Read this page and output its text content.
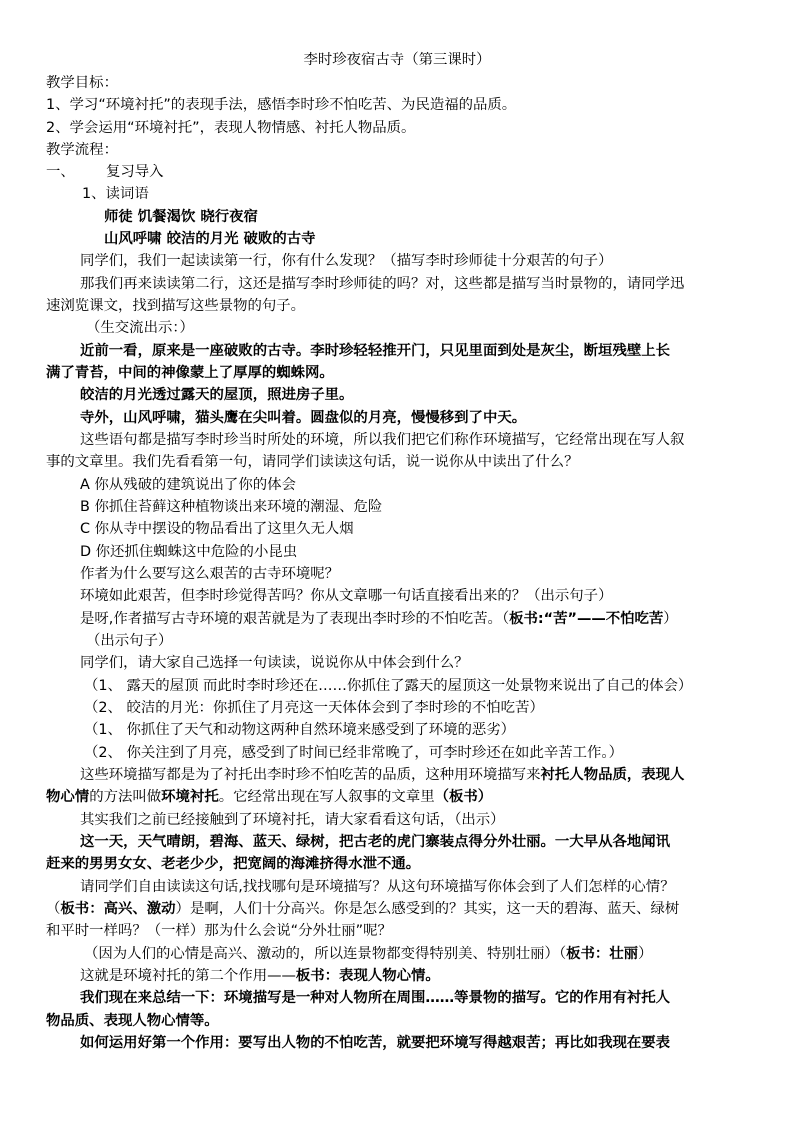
李时珍夜宿古寺（第三课时）
教学目标：
1、学习“环境衬托”的表现手法，感悟李时珍不怕吃苦、为民造福的品质。
2、学会运用“环境衬托”，表现人物情感、衬托人物品质。
教学流程：
一、 复习导入
1、读词语
师徒 饥餐渴饮 晓行夜宿
山风呼啸 皎洁的月光 破败的古寺
同学们，我们一起读读第一行，你有什么发现？（描写李时珍师徒十分艰苦的句子）
那我们再来读读第二行，这还是描写李时珍师徒的吗？对，这些都是描写当时景物的，请同学迅
速浏览课文，找到描写这些景物的句子。
（生交流出示：）
近前一看，原来是一座破败的古寺。李时珍轻轻推开门，只见里面到处是灰尘，断垣残壁上长
满了青苔，中间的神像蒙上了厚厚的蜘蛛网。
皎洁的月光透过露天的屋顶，照进房子里。
寺外，山风呼啸，猫头鹰在尖叫着。圆盘似的月亮，慢慢移到了中天。
这些语句都是描写李时珍当时所处的环境，所以我们把它们称作环境描写，它经常出现在写人叙
事的文章里。我们先看看第一句，请同学们读读这句话，说一说你从中读出了什么？
A 你从残破的建筑说出了你的体会
B 你抓住苔藓这种植物谈出来环境的潮湿、危险
C 你从寺中摆设的物品看出了这里久无人烟
D 你还抓住蜘蛛这中危险的小昆虫
作者为什么要写这么艰苦的古寺环境呢？
环境如此艰苦，但李时珍觉得苦吗？你从文章哪一句话直接看出来的？（出示句子）
是呀,作者描写古寺环境的艰苦就是为了表现出李时珍的不怕吃苦。（板书:“苦”——不怕吃苦）
（出示句子）
同学们，请大家自己选择一句读读，说说你从中体会到什么？
（1、 露天的屋顶 而此时李时珍还在……你抓住了露天的屋顶这一处景物来说出了自己的体会）
（2、 皎洁的月光：你抓住了月亮这一天体体会到了李时珍的不怕吃苦）
（1、 你抓住了天气和动物这两种自然环境来感受到了环境的恶劣）
（2、 你关注到了月亮，感受到了时间已经非常晚了，可李时珍还在如此辛苦工作。）
这些环境描写都是为了衬托出李时珍不怕吃苦的品质，这种用环境描写来衬托人物品质，表现人
物心情的方法叫做环境衬托。它经常出现在写人叙事的文章里（板书）
其实我们之前已经接触到了环境衬托，请大家看看这句话，（出示）
这一天，天气晴朗，碧海、蓝天、绿树，把古老的虎门寨装点得分外壮丽。一大早从各地闻讯
赶来的男男女女、老老少少，把宽阔的海滩挤得水泄不通。
请同学们自由读读这句话,找找哪句是环境描写？从这句环境描写你体会到了人们怎样的心情？
（板书：高兴、激动）是啊，人们十分高兴。你是怎么感受到的？其实，这一天的碧海、蓝天、绿树
和平时一样吗？（一样）那为什么会说“分外壮丽”呢？
（因为人们的心情是高兴、激动的，所以连景物都变得特别美、特别壮丽）（板书：壮丽）
这就是环境衬托的第二个作用——板书：表现人物心情。
我们现在来总结一下：环境描写是一种对人物所在周围……等景物的描写。它的作用有衬托人
物品质、表现人物心情等。
如何运用好第一个作用：要写出人物的不怕吃苦，就要把环境写得越艰苦；再比如我现在要表
